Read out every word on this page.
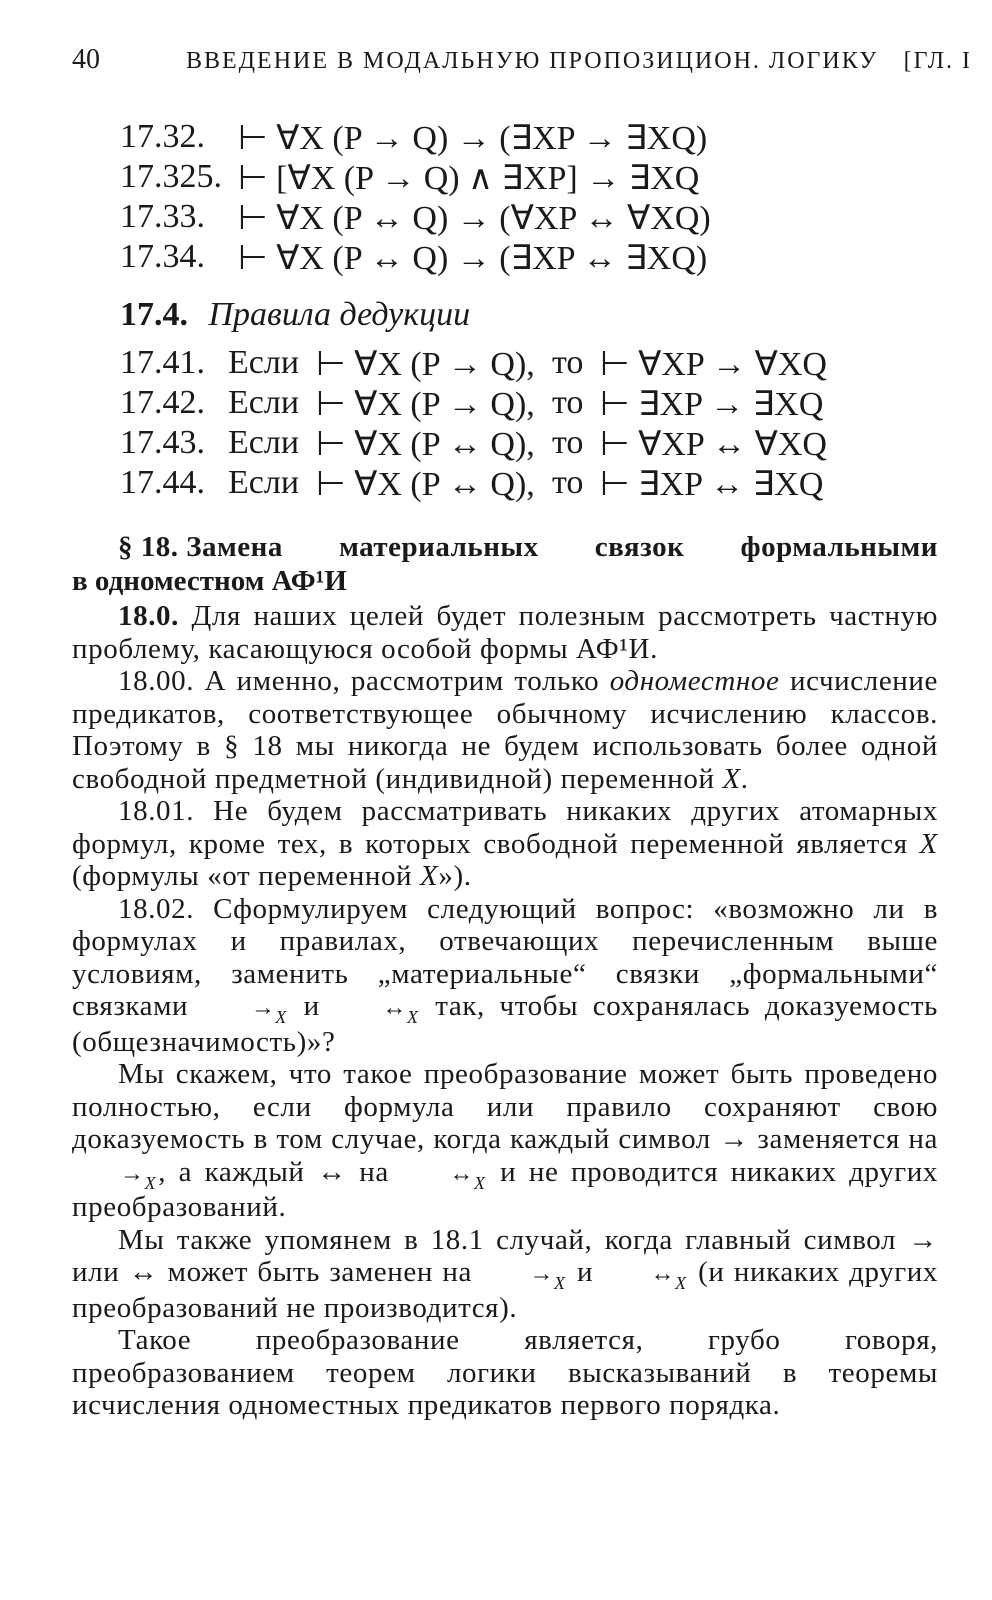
40	ВВЕДЕНИЕ В МОДАЛЬНУЮ ПРОПОЗИЦИОН. ЛОГИКУ [ГЛ. I
17.32. ⊢ ∀X (P → Q) → (∃XP → ∃XQ)
17.325. ⊢ [∀X (P → Q) ∧ ∃XP] → ∃XQ
17.33. ⊢ ∀X (P ↔ Q) → (∀XP ↔ ∀XQ)
17.34. ⊢ ∀X (P ↔ Q) → (∃XP ↔ ∃XQ)
17.4. Правила дедукции
17.41. Если ⊢ ∀X (P → Q), то ⊢ ∀XP → ∀XQ
17.42. Если ⊢ ∀X (P → Q), то ⊢ ∃XP → ∃XQ
17.43. Если ⊢ ∀X (P ↔ Q), то ⊢ ∀XP ↔ ∀XQ
17.44. Если ⊢ ∀X (P ↔ Q), то ⊢ ∃XP ↔ ∃XQ
§ 18. Замена материальных связок формальными
в одноместном АФ¹И

18.0. Для наших целей будет полезным рассмотреть частную проблему, касающуюся особой формы АФ¹И.

18.00. А именно, рассмотрим только одноместное исчисление предикатов, соответствующее обычному исчислению классов. Поэтому в § 18 мы никогда не будем использовать более одной свободной предметной (индивидной) переменной X.

18.01. Не будем рассматривать никаких других атомарных формул, кроме тех, в которых свободной переменной является X (формулы «от переменной X»).

18.02. Сформулируем следующий вопрос: «возможно ли в формулах и правилах, отвечающих перечисленным выше условиям, заменить „материальные“ связки „формальными“ связками $\to_X$ и $\leftrightarrow_X$ так, чтобы сохранялась доказуемость (общезначимость)»?

Мы скажем, что такое преобразование может быть проведено полностью, если формула или правило сохраняют свою доказуемость в том случае, когда каждый символ → заменяется на $\to_X$, а каждый ↔ на $\leftrightarrow_X$ и не проводится никаких других преобразований.

Мы также упомянем в 18.1 случай, когда главный символ → или ↔ может быть заменен на $\to_X$ и $\leftrightarrow_X$ (и никаких других преобразований не производится).

Такое преобразование является, грубо говоря, преобразованием теорем логики высказываний в теоремы исчисления одноместных предикатов первого порядка.
